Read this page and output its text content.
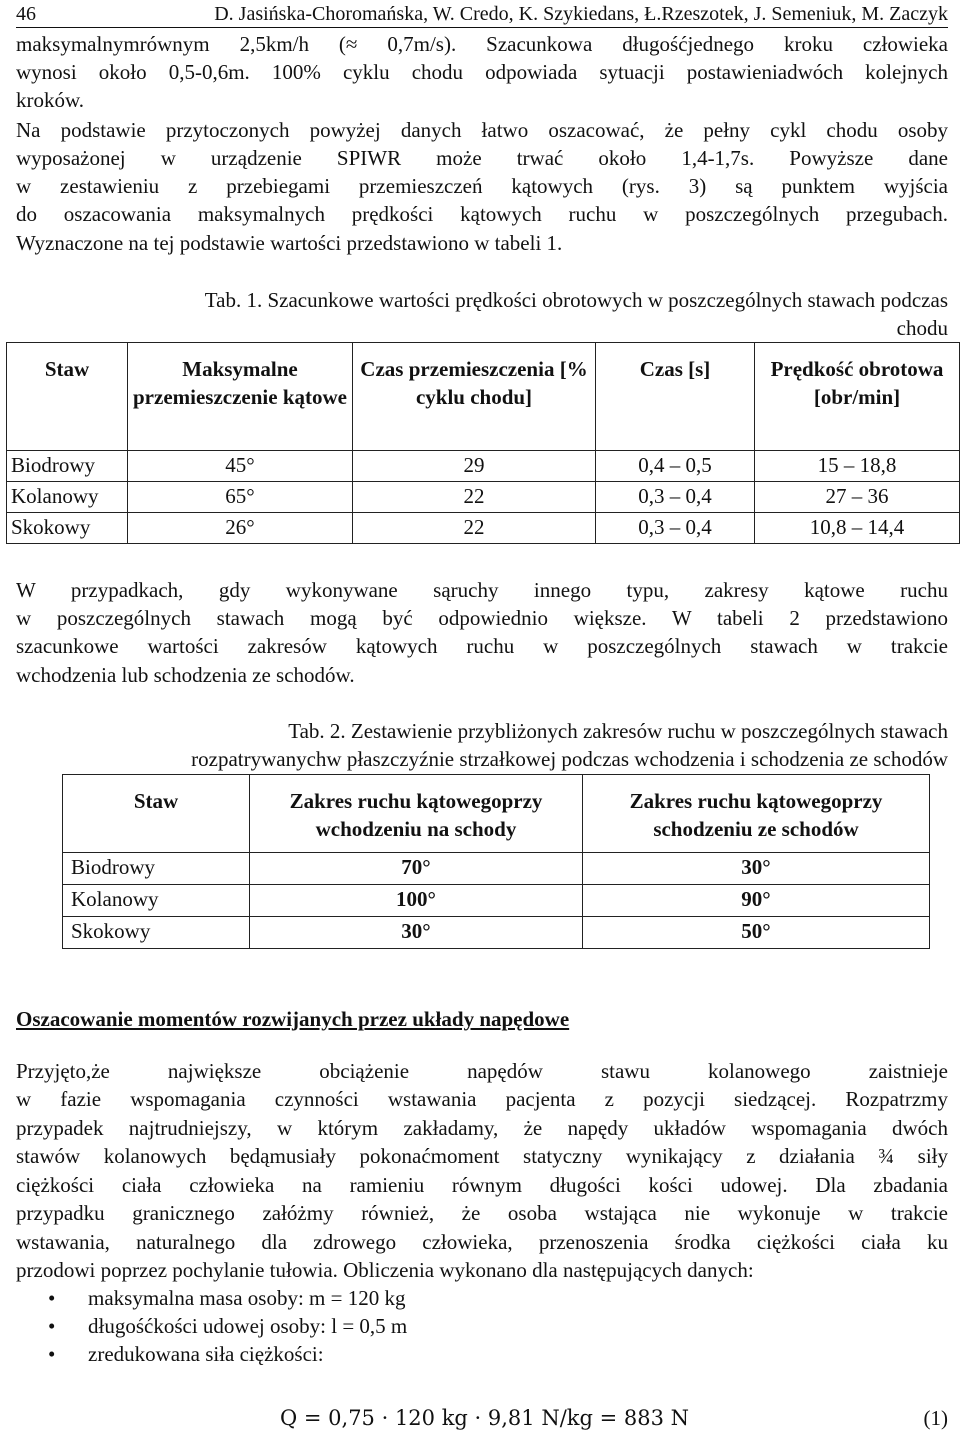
46	D. Jasińska-Choromańska, W. Credo, K. Szykiedans, Ł.Rzeszotek, J. Semeniuk, M. Zaczyk
maksymalnymrównym 2,5km/h (≈ 0,7m/s). Szacunkowa długośćjednego kroku człowieka
wynosi około 0,5-0,6m. 100% cyklu chodu odpowiada sytuacji postawieniadwóch kolejnych
kroków.
Na podstawie przytoczonych powyżej danych łatwo oszacować, że pełny cykl chodu osoby
wyposażonej w urządzenie SPIWR może trwać około 1,4-1,7s. Powyższe dane
w zestawieniu z przebiegami przemieszczeń kątowych (rys. 3) są punktem wyjścia
do oszacowania maksymalnych prędkości kątowych ruchu w poszczególnych przegubach.
Wyznaczone na tej podstawie wartości przedstawiono w tabeli 1.
Tab. 1. Szacunkowe wartości prędkości obrotowych w poszczególnych stawach podczas
chodu
Staw	Maksymalne przemieszczenie kątowe	Czas przemieszczenia [% cyklu chodu]	Czas [s]	Prędkość obrotowa [obr/min]
Biodrowy	45°	29	0,4 – 0,5	15 – 18,8
Kolanowy	65°	22	0,3 – 0,4	27 – 36
Skokowy	26°	22	0,3 – 0,4	10,8 – 14,4
W przypadkach, gdy wykonywane sąruchy innego typu, zakresy kątowe ruchu
w poszczególnych stawach mogą być odpowiednio większe. W tabeli 2 przedstawiono
szacunkowe wartości zakresów kątowych ruchu w poszczególnych stawach w trakcie
wchodzenia lub schodzenia ze schodów.
Tab. 2. Zestawienie przybliżonych zakresów ruchu w poszczególnych stawach
rozpatrywanychw płaszczyźnie strzałkowej podczas wchodzenia i schodzenia ze schodów
Staw	Zakres ruchu kątowegoprzy wchodzeniu na schody	Zakres ruchu kątowegoprzy schodzeniu ze schodów
Biodrowy	70°	30°
Kolanowy	100°	90°
Skokowy	30°	50°
Oszacowanie momentów rozwijanych przez układy napędowe
Przyjęto,że największe obciążenie napędów stawu kolanowego zaistnieje
w fazie wspomagania czynności wstawania pacjenta z pozycji siedzącej. Rozpatrzmy
przypadek najtrudniejszy, w którym zakładamy, że napędy układów wspomagania dwóch
stawów kolanowych będąmusiały pokonaćmoment statyczny wynikający z działania ¾ siły
ciężkości ciała człowieka na ramieniu równym długości kości udowej. Dla zbadania
przypadku granicznego załóżmy również, że osoba wstająca nie wykonuje w trakcie
wstawania, naturalnego dla zdrowego człowieka, przenoszenia środka ciężkości ciała ku
przodowi poprzez pochylanie tułowia. Obliczenia wykonano dla następujących danych:
• maksymalna masa osoby: m = 120 kg
• długośćkości udowej osoby: l = 0,5 m
• zredukowana siła ciężkości:
Q = 0,75 · 120 kg · 9,81 N/kg = 883 N	(1)
